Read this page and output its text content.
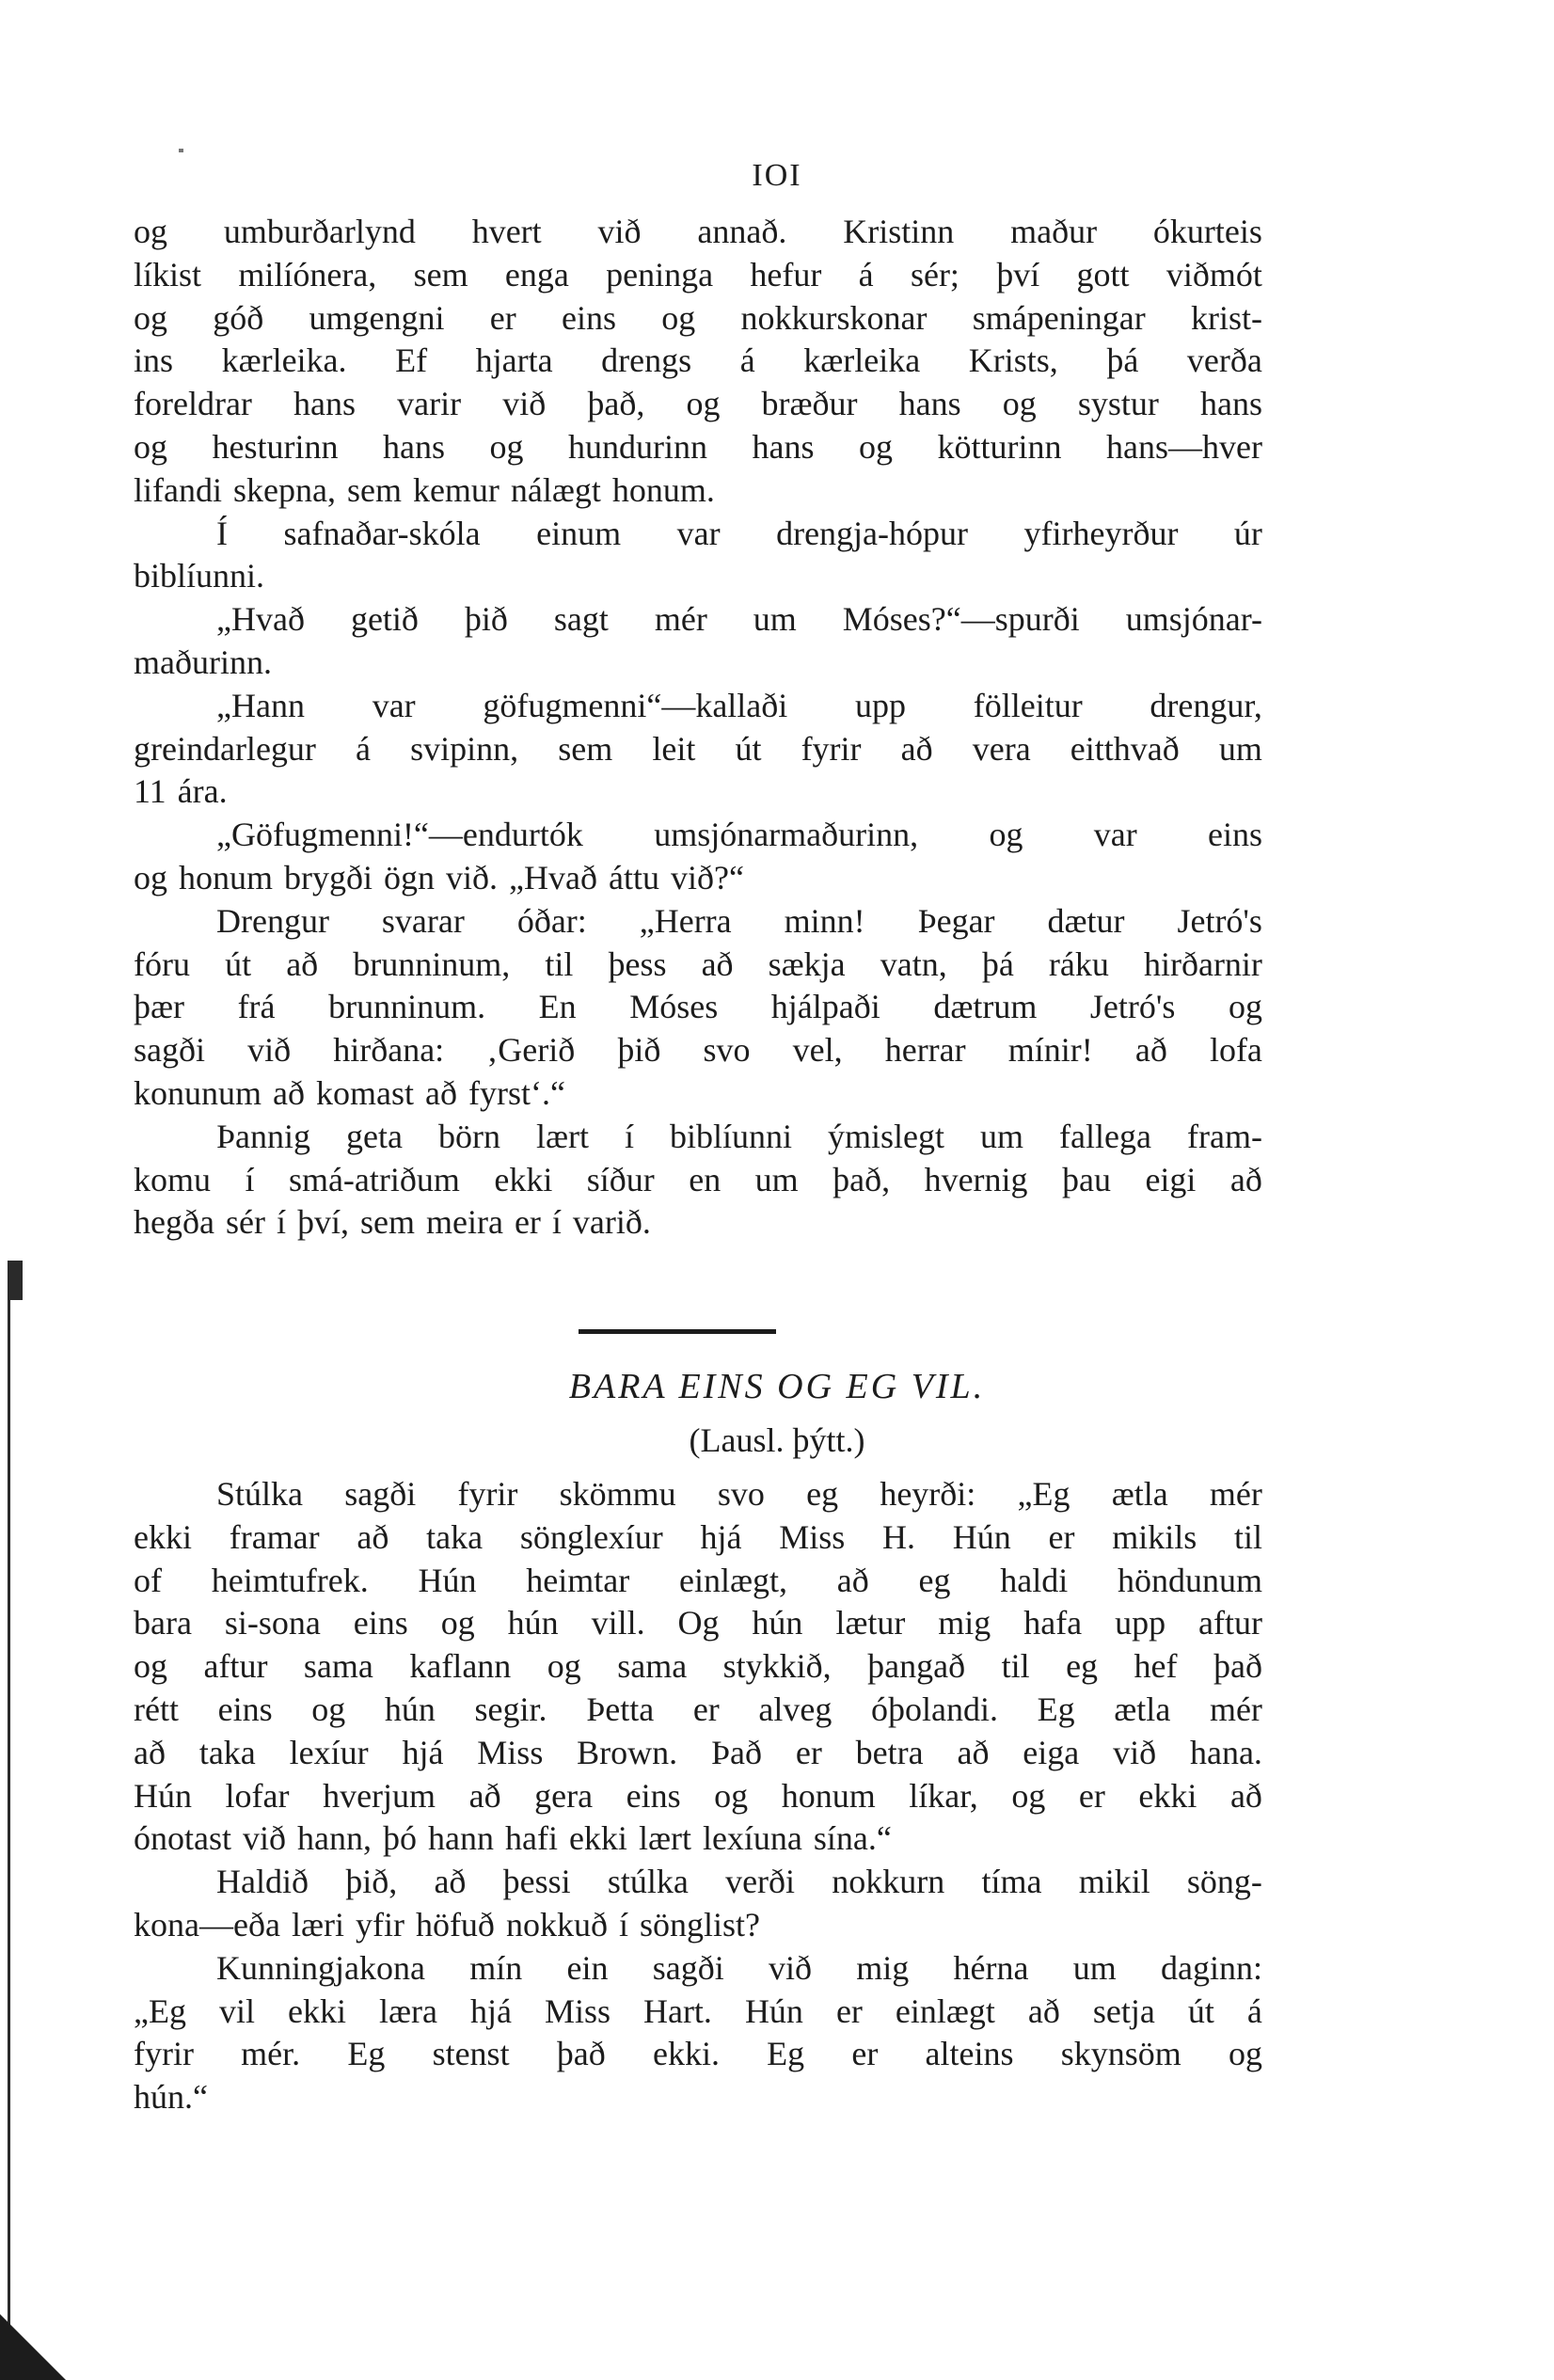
IOI
og umburðarlynd hvert við annað. Kristinn maður ókurteis
líkist milíónera, sem enga peninga hefur á sér; því gott viðmót
og góð umgengni er eins og nokkurskonar smápeningar krist-
ins kærleika. Ef hjarta drengs á kærleika Krists, þá verða
foreldrar hans varir við það, og bræður hans og systur hans
og hesturinn hans og hundurinn hans og kötturinn hans—hver
lifandi skepna, sem kemur nálægt honum.
Í safnaðar-skóla einum var drengja-hópur yfirheyrður úr
biblíunni.
„Hvað getið þið sagt mér um Móses?“—spurði umsjónar-
maðurinn.
„Hann var göfugmenni“—kallaði upp fölleitur drengur,
greindarlegur á svipinn, sem leit út fyrir að vera eitthvað um
11 ára.
„Göfugmenni!“—endurtók umsjónarmaðurinn, og var eins
og honum brygði ögn við. „Hvað áttu við?“
Drengur svarar óðar: „Herra minn! Þegar dætur Jetró's
fóru út að brunninum, til þess að sækja vatn, þá ráku hirðarnir
þær frá brunninum. En Móses hjálpaði dætrum Jetró's og
sagði við hirðana: ‚Gerið þið svo vel, herrar mínir! að lofa
konunum að komast að fyrst‘.“
Þannig geta börn lært í biblíunni ýmislegt um fallega fram-
komu í smá-atriðum ekki síður en um það, hvernig þau eigi að
hegða sér í því, sem meira er í varið.
BARA EINS OG EG VIL.
(Lausl. þýtt.)
Stúlka sagði fyrir skömmu svo eg heyrði: „Eg ætla mér
ekki framar að taka sönglexíur hjá Miss H. Hún er mikils til
of heimtufrek. Hún heimtar einlægt, að eg haldi höndunum
bara si-sona eins og hún vill. Og hún lætur mig hafa upp aftur
og aftur sama kaflann og sama stykkið, þangað til eg hef það
rétt eins og hún segir. Þetta er alveg óþolandi. Eg ætla mér
að taka lexíur hjá Miss Brown. Það er betra að eiga við hana.
Hún lofar hverjum að gera eins og honum líkar, og er ekki að
ónotast við hann, þó hann hafi ekki lært lexíuna sína.“
Haldið þið, að þessi stúlka verði nokkurn tíma mikil söng-
kona—eða læri yfir höfuð nokkuð í sönglist?
Kunningjakona mín ein sagði við mig hérna um daginn:
„Eg vil ekki læra hjá Miss Hart. Hún er einlægt að setja út á
fyrir mér. Eg stenst það ekki. Eg er alteins skynsöm og
hún.“
